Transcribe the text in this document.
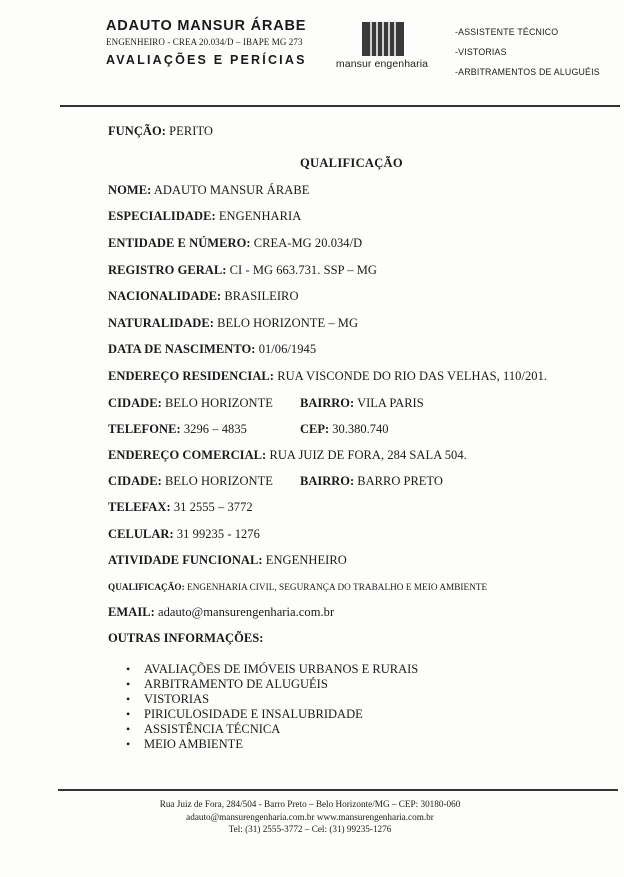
ADAUTO MANSUR ÁRABE
ENGENHEIRO - CREA 20.034/D – IBAPE MG 273
AVALIAÇÕES E PERÍCIAS	mansur engenharia
-ASSISTENTE TÉCNICO
-VISTORIAS
-ARBITRAMENTOS DE ALUGUÉIS
FUNÇÃO: PERITO
QUALIFICAÇÃO
NOME: ADAUTO MANSUR ÁRABE
ESPECIALIDADE: ENGENHARIA
ENTIDADE E NÚMERO: CREA-MG 20.034/D
REGISTRO GERAL: CI - MG 663.731. SSP – MG
NACIONALIDADE: BRASILEIRO
NATURALIDADE: BELO HORIZONTE – MG
DATA DE NASCIMENTO: 01/06/1945
ENDEREÇO RESIDENCIAL: RUA VISCONDE DO RIO DAS VELHAS, 110/201.
CIDADE: BELO HORIZONTE BAIRRO: VILA PARIS
TELEFONE: 3296 – 4835	CEP: 30.380.740
ENDEREÇO COMERCIAL: RUA JUIZ DE FORA, 284 SALA 504.
CIDADE: BELO HORIZONTE BAIRRO: BARRO PRETO
TELEFAX: 31 2555 – 3772
CELULAR: 31 99235 - 1276
ATIVIDADE FUNCIONAL: ENGENHEIRO
QUALIFICAÇÃO: ENGENHARIA CIVIL, SEGURANÇA DO TRABALHO E MEIO AMBIENTE
EMAIL: adauto@mansurengenharia.com.br
OUTRAS INFORMAÇÕES:
• AVALIAÇÕES DE IMÓVEIS URBANOS E RURAIS
• ARBITRAMENTO DE ALUGUÉIS
• VISTORIAS
• PIRICULOSIDADE E INSALUBRIDADE
• ASSISTÊNCIA TÉCNICA
• MEIO AMBIENTE
Rua Juiz de Fora, 284/504 - Barro Preto – Belo Horizonte/MG – CEP: 30180-060
adauto@mansurengenharia.com.br www.mansurengenharia.com.br
Tel: (31) 2555-3772 – Cel: (31) 99235-1276
